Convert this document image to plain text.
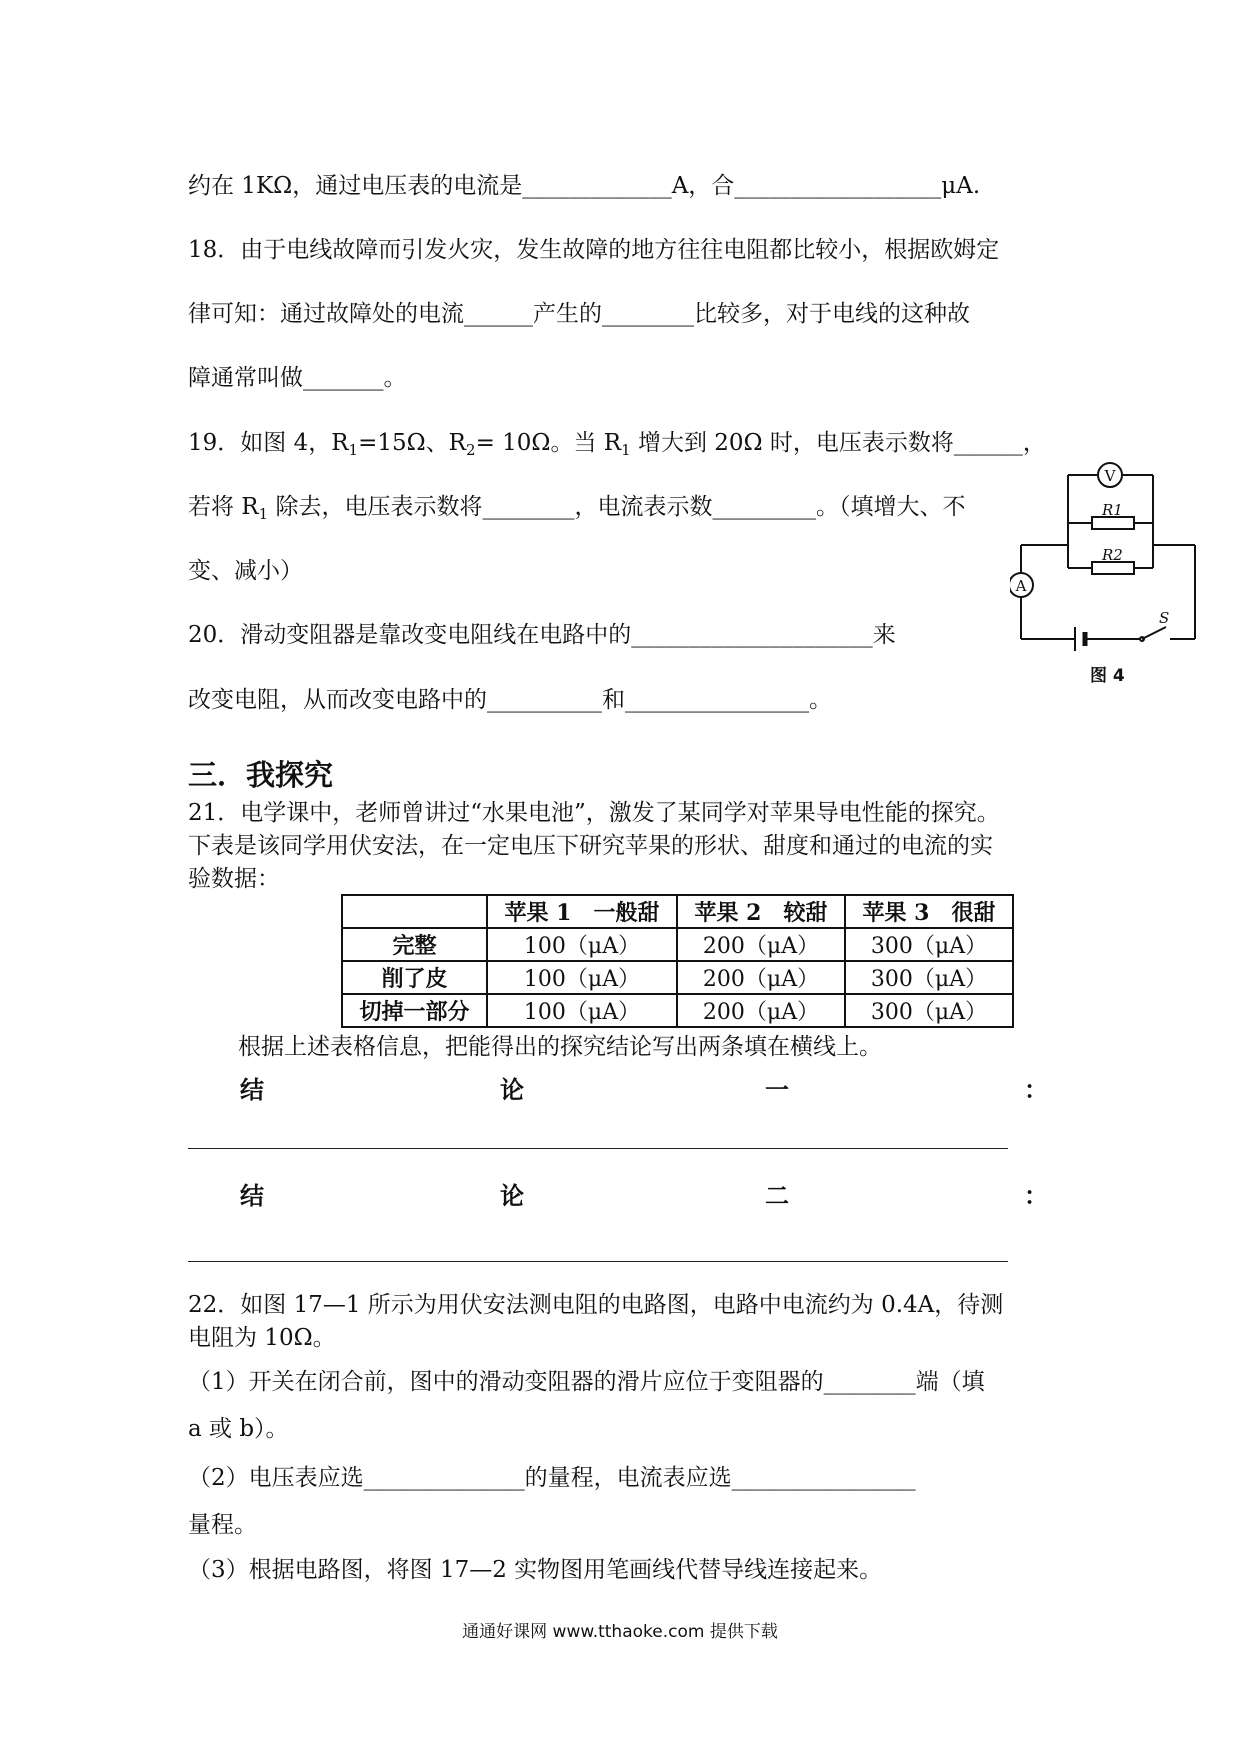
约在 1KΩ，通过电压表的电流是_____________A，合__________________μA.
18．由于电线故障而引发火灾，发生故障的地方往往电阻都比较小，根据欧姆定
律可知：通过故障处的电流______产生的________比较多，对于电线的这种故
障通常叫做_______。
19．如图 4，$R_1=15\Omega$、$R_2= 10\Omega$。当 $R_1$ 增大到 20Ω 时，电压表示数将______，
若将 $R_1$ 除去，电压表示数将________，电流表示数_________。（填增大、不
变、减小）
20．滑动变阻器是靠改变电阻线在电路中的_____________________来
改变电阻，从而改变电路中的__________和________________。
V
A
R1
R2
S
图 4
三．我探究
21．电学课中，老师曾讲过“水果电池”，激发了某同学对苹果导电性能的探究。
下表是该同学用伏安法，在一定电压下研究苹果的形状、甜度和通过的电流的实
验数据：
	苹果 1　一般甜	苹果 2　较甜	苹果 3　很甜
完整	100（μA）	200（μA）	300（μA）
削了皮	100（μA）	200（μA）	300（μA）
切掉一部分	100（μA）	200（μA）	300（μA）
根据上述表格信息，把能得出的探究结论写出两条填在横线上。
结	论	一	：
结	论	二	：
22．如图 17—1 所示为用伏安法测电阻的电路图，电路中电流约为 0.4A，待测
电阻为 10Ω。
（1）开关在闭合前，图中的滑动变阻器的滑片应位于变阻器的________端（填
a 或 b）。
（2）电压表应选______________的量程，电流表应选________________
量程。
（3）根据电路图，将图 17—2 实物图用笔画线代替导线连接起来。
通通好课网 www.tthaoke.com 提供下载
